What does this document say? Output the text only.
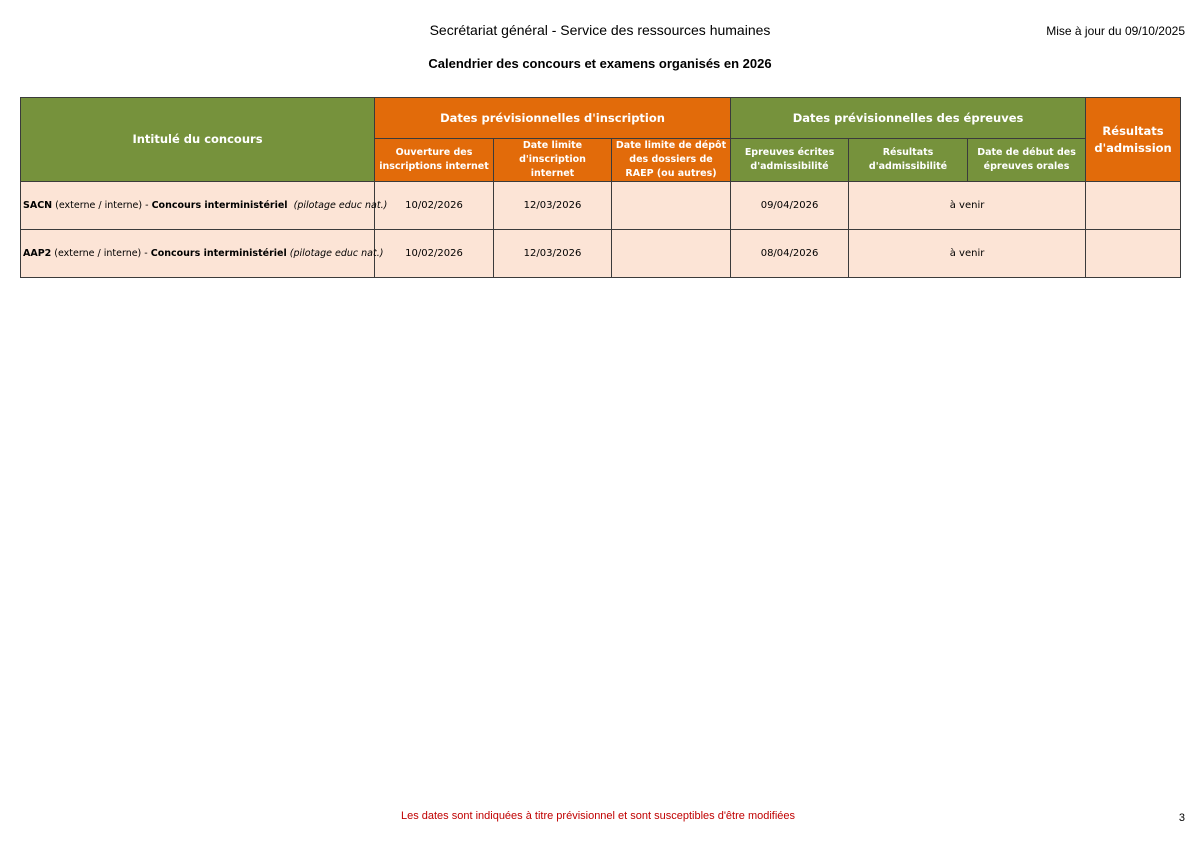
Secrétariat général - Service des ressources humaines	Mise à jour du 09/10/2025
Calendrier des concours et examens organisés en 2026
Intitulé du concours	Dates prévisionnelles d'inscription			Dates prévisionnelles des épreuves			Résultats d'admission
	Ouverture des inscriptions internet	Date limite d'inscription internet	Date limite de dépôt des dossiers de RAEP (ou autres)	Epreuves écrites d'admissibilité	Résultats d'admissibilité	Date de début des épreuves orales	
SACN (externe / interne) - Concours interministériel (pilotage educ nat.)	10/02/2026	12/03/2026		09/04/2026	à venir		
AAP2 (externe / interne) - Concours interministériel (pilotage educ nat.)	10/02/2026	12/03/2026		08/04/2026	à venir		
Les dates sont indiquées à titre prévisionnel et sont susceptibles d'être modifiées	3
